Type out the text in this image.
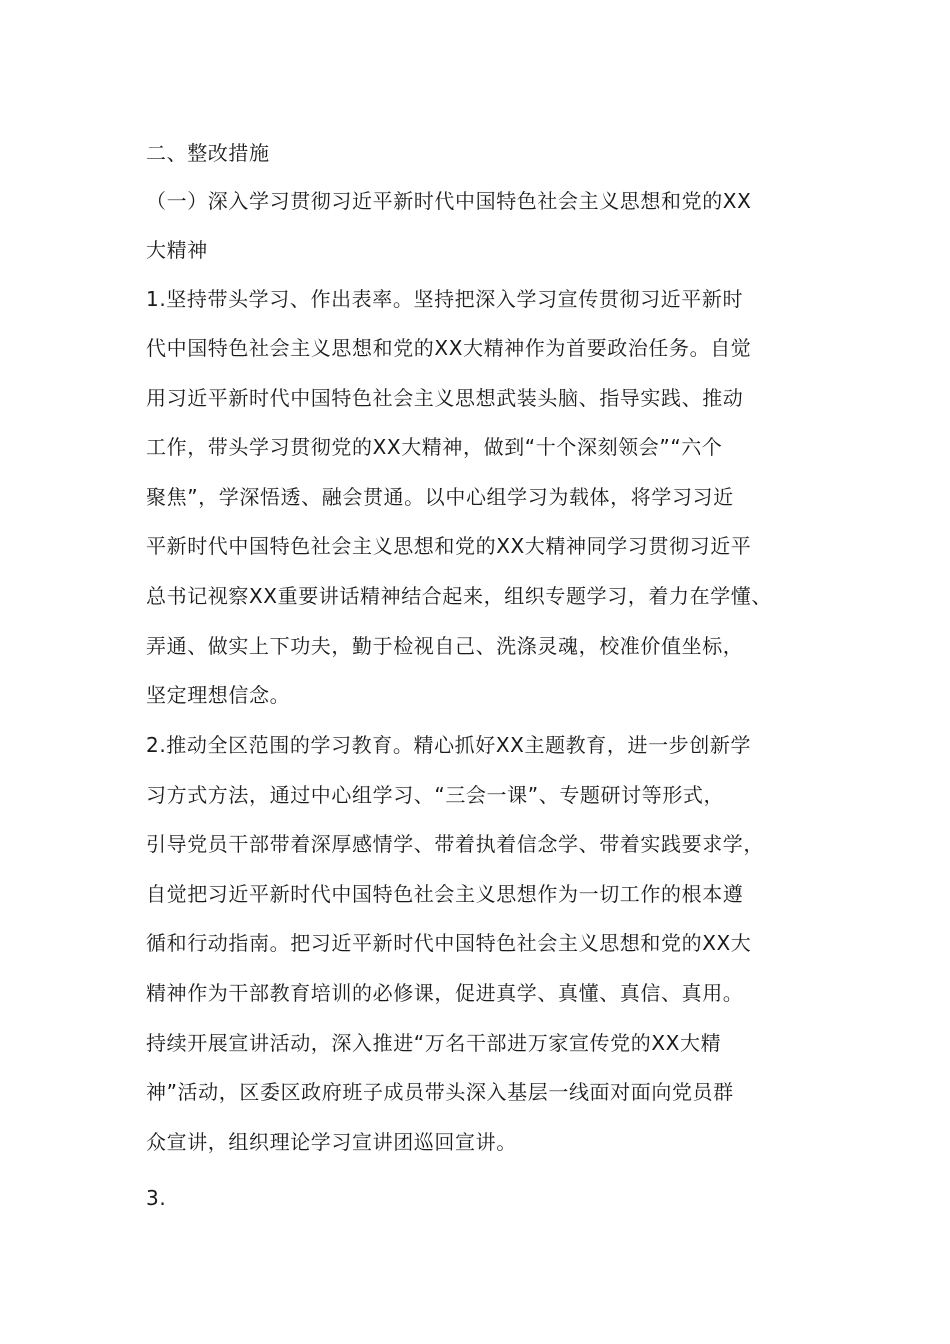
二、整改措施
（一）深入学习贯彻习近平新时代中国特色社会主义思想和党的XX
大精神
1.坚持带头学习、作出表率。坚持把深入学习宣传贯彻习近平新时
代中国特色社会主义思想和党的XX大精神作为首要政治任务。自觉
用习近平新时代中国特色社会主义思想武装头脑、指导实践、推动
工作，带头学习贯彻党的XX大精神，做到“十个深刻领会”“六个
聚焦”，学深悟透、融会贯通。以中心组学习为载体，将学习习近
平新时代中国特色社会主义思想和党的XX大精神同学习贯彻习近平
总书记视察XX重要讲话精神结合起来，组织专题学习，着力在学懂、
弄通、做实上下功夫，勤于检视自己、洗涤灵魂，校准价值坐标，
坚定理想信念。
2.推动全区范围的学习教育。精心抓好XX主题教育，进一步创新学
习方式方法，通过中心组学习、“三会一课”、专题研讨等形式，
引导党员干部带着深厚感情学、带着执着信念学、带着实践要求学，
自觉把习近平新时代中国特色社会主义思想作为一切工作的根本遵
循和行动指南。把习近平新时代中国特色社会主义思想和党的XX大
精神作为干部教育培训的必修课，促进真学、真懂、真信、真用。
持续开展宣讲活动，深入推进“万名干部进万家宣传党的XX大精
神”活动，区委区政府班子成员带头深入基层一线面对面向党员群
众宣讲，组织理论学习宣讲团巡回宣讲。
3.
